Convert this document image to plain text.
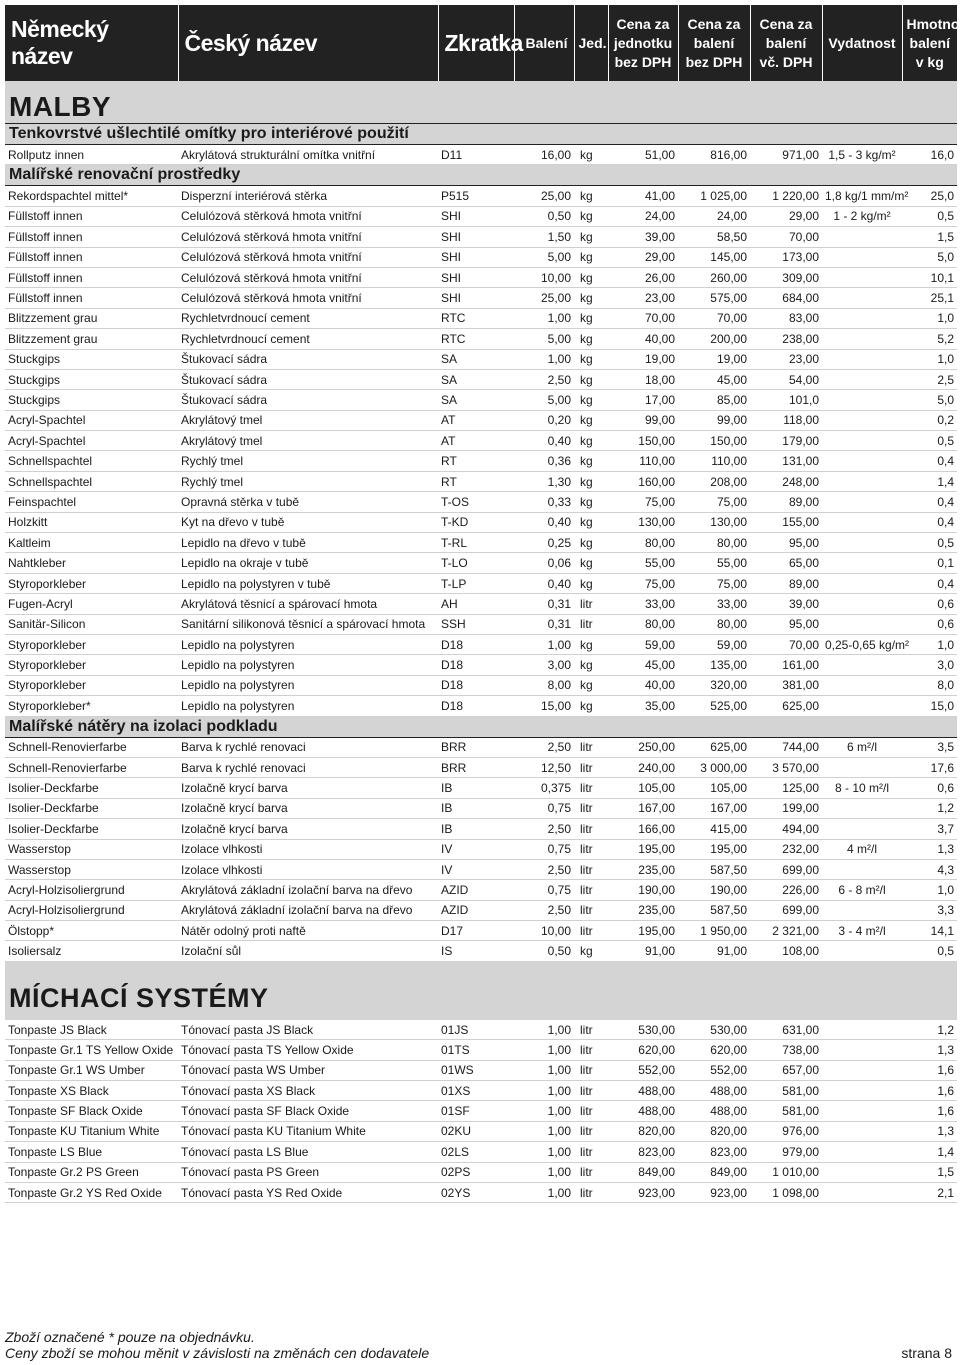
Německý název	Český název	Zkratka	Balení	Jed.	Cena za jednotku bez DPH	Cena za balení bez DPH	Cena za balení vč. DPH	Vydatnost	Hmotnost balení v kg
MALBY									
Tenkovrstvé ušlechtilé omítky pro interiérové použití									
Rollputz innen	Akrylátová strukturální omítka vnitřní	D11	16,00	kg	51,00	816,00	971,00	1,5 - 3 kg/m²	16,0
Malířské renovační prostředky									
Rekordspachtel mittel*	Disperzní interiérová stěrka	P515	25,00	kg	41,00	1 025,00	1 220,00	1,8 kg/1 mm/m²	25,0
Füllstoff innen	Celulózová stěrková hmota vnitřní	SHI	0,50	kg	24,00	24,00	29,00	1 - 2 kg/m²	0,5
Füllstoff innen	Celulózová stěrková hmota vnitřní	SHI	1,50	kg	39,00	58,50	70,00		1,5
Füllstoff innen	Celulózová stěrková hmota vnitřní	SHI	5,00	kg	29,00	145,00	173,00		5,0
Füllstoff innen	Celulózová stěrková hmota vnitřní	SHI	10,00	kg	26,00	260,00	309,00		10,1
Füllstoff innen	Celulózová stěrková hmota vnitřní	SHI	25,00	kg	23,00	575,00	684,00		25,1
Blitzzement grau	Rychletvrdnoucí cement	RTC	1,00	kg	70,00	70,00	83,00		1,0
Blitzzement grau	Rychletvrdnoucí cement	RTC	5,00	kg	40,00	200,00	238,00		5,2
Stuckgips	Štukovací sádra	SA	1,00	kg	19,00	19,00	23,00		1,0
Stuckgips	Štukovací sádra	SA	2,50	kg	18,00	45,00	54,00		2,5
Stuckgips	Štukovací sádra	SA	5,00	kg	17,00	85,00	101,0		5,0
Acryl-Spachtel	Akrylátový tmel	AT	0,20	kg	99,00	99,00	118,00		0,2
Acryl-Spachtel	Akrylátový tmel	AT	0,40	kg	150,00	150,00	179,00		0,5
Schnellspachtel	Rychlý tmel	RT	0,36	kg	110,00	110,00	131,00		0,4
Schnellspachtel	Rychlý tmel	RT	1,30	kg	160,00	208,00	248,00		1,4
Feinspachtel	Opravná stěrka v tubě	T-OS	0,33	kg	75,00	75,00	89,00		0,4
Holzkitt	Kyt na dřevo v tubě	T-KD	0,40	kg	130,00	130,00	155,00		0,4
Kaltleim	Lepidlo na dřevo v tubě	T-RL	0,25	kg	80,00	80,00	95,00		0,5
Nahtkleber	Lepidlo na okraje v tubě	T-LO	0,06	kg	55,00	55,00	65,00		0,1
Styroporkleber	Lepidlo na polystyren v tubě	T-LP	0,40	kg	75,00	75,00	89,00		0,4
Fugen-Acryl	Akrylátová těsnicí a spárovací hmota	AH	0,31	litr	33,00	33,00	39,00		0,6
Sanitär-Silicon	Sanitární silikonová těsnicí a spárovací hmota	SSH	0,31	litr	80,00	80,00	95,00		0,6
Styroporkleber	Lepidlo na polystyren	D18	1,00	kg	59,00	59,00	70,00	0,25-0,65 kg/m²	1,0
Styroporkleber	Lepidlo na polystyren	D18	3,00	kg	45,00	135,00	161,00		3,0
Styroporkleber	Lepidlo na polystyren	D18	8,00	kg	40,00	320,00	381,00		8,0
Styroporkleber*	Lepidlo na polystyren	D18	15,00	kg	35,00	525,00	625,00		15,0
Malířské nátěry na izolaci podkladu									
Schnell-Renovierfarbe	Barva k rychlé renovaci	BRR	2,50	litr	250,00	625,00	744,00	6 m²/l	3,5
Schnell-Renovierfarbe	Barva k rychlé renovaci	BRR	12,50	litr	240,00	3 000,00	3 570,00		17,6
Isolier-Deckfarbe	Izolačně krycí barva	IB	0,375	litr	105,00	105,00	125,00	8 - 10 m²/l	0,6
Isolier-Deckfarbe	Izolačně krycí barva	IB	0,75	litr	167,00	167,00	199,00		1,2
Isolier-Deckfarbe	Izolačně krycí barva	IB	2,50	litr	166,00	415,00	494,00		3,7
Wasserstop	Izolace vlhkosti	IV	0,75	litr	195,00	195,00	232,00	4 m²/l	1,3
Wasserstop	Izolace vlhkosti	IV	2,50	litr	235,00	587,50	699,00		4,3
Acryl-Holzisoliergrund	Akrylátová základní izolační barva na dřevo	AZID	0,75	litr	190,00	190,00	226,00	6 - 8 m²/l	1,0
Acryl-Holzisoliergrund	Akrylátová základní izolační barva na dřevo	AZID	2,50	litr	235,00	587,50	699,00		3,3
Ölstopp*	Nátěr odolný proti naftě	D17	10,00	litr	195,00	1 950,00	2 321,00	3 - 4 m²/l	14,1
Isoliersalz	Izolační sůl	IS	0,50	kg	91,00	91,00	108,00		0,5
MÍCHACÍ SYSTÉMY									
Tonpaste JS Black	Tónovací pasta JS Black	01JS	1,00	litr	530,00	530,00	631,00		1,2
Tonpaste Gr.1 TS Yellow Oxide	Tónovací pasta TS Yellow Oxide	01TS	1,00	litr	620,00	620,00	738,00		1,3
Tonpaste Gr.1 WS Umber	Tónovací pasta WS Umber	01WS	1,00	litr	552,00	552,00	657,00		1,6
Tonpaste XS Black	Tónovací pasta XS Black	01XS	1,00	litr	488,00	488,00	581,00		1,6
Tonpaste SF Black Oxide	Tónovací pasta SF Black Oxide	01SF	1,00	litr	488,00	488,00	581,00		1,6
Tonpaste KU Titanium White	Tónovací pasta KU Titanium White	02KU	1,00	litr	820,00	820,00	976,00		1,3
Tonpaste LS Blue	Tónovací pasta LS Blue	02LS	1,00	litr	823,00	823,00	979,00		1,4
Tonpaste Gr.2 PS Green	Tónovací pasta PS Green	02PS	1,00	litr	849,00	849,00	1 010,00		1,5
Tonpaste Gr.2 YS Red Oxide	Tónovací pasta YS Red Oxide	02YS	1,00	litr	923,00	923,00	1 098,00		2,1
Zboží označené * pouze na objednávku.
Ceny zboží se mohou měnit v závislosti na změnách cen dodavatele	strana 8
